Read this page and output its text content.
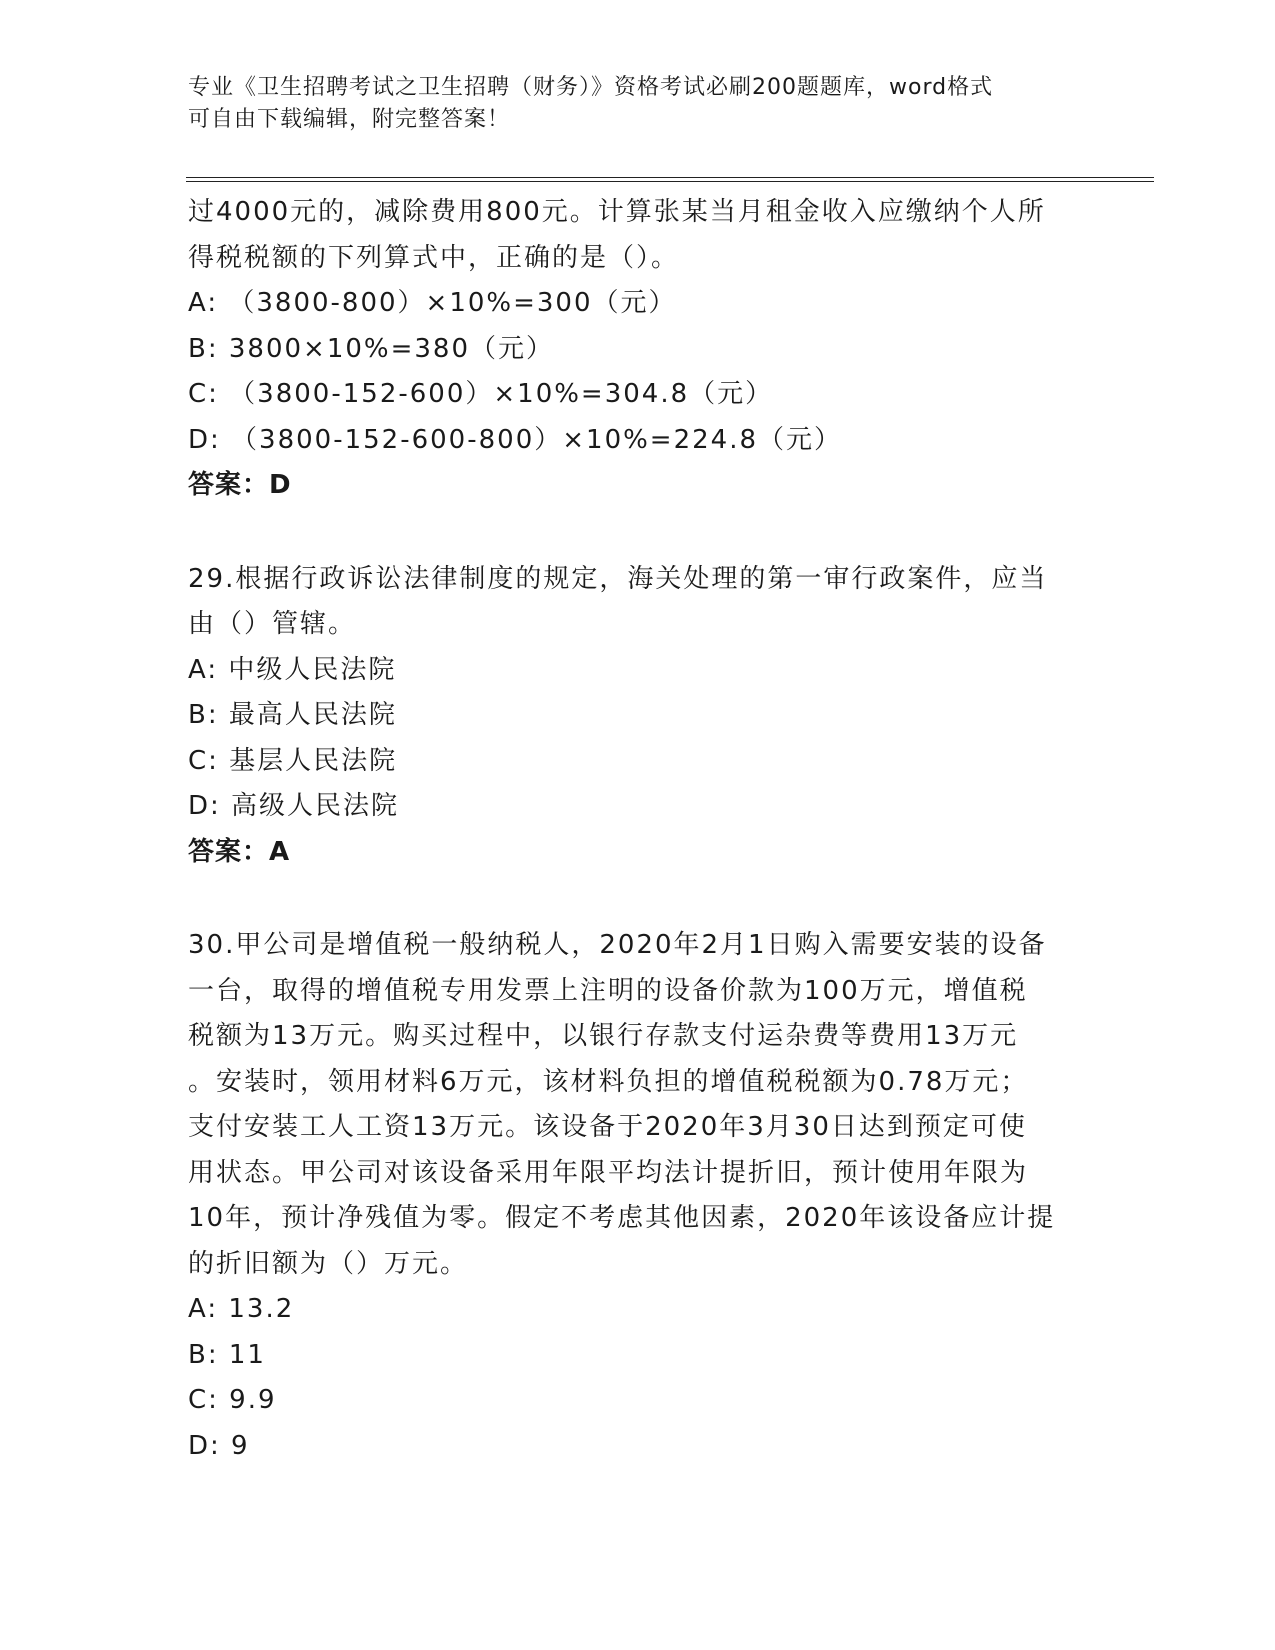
专业《卫生招聘考试之卫生招聘（财务）》资格考试必刷200题题库，word格式
可自由下载编辑，附完整答案！
过4000元的，减除费用800元。计算张某当月租金收入应缴纳个人所
得税税额的下列算式中，正确的是（）。
A: （3800-800）×10%=300（元）
B: 3800×10%=380（元）
C: （3800-152-600）×10%=304.8（元）
D: （3800-152-600-800）×10%=224.8（元）
答案：D
29.根据行政诉讼法律制度的规定，海关处理的第一审行政案件，应当
由（）管辖。
A: 中级人民法院
B: 最高人民法院
C: 基层人民法院
D: 高级人民法院
答案：A
30.甲公司是增值税一般纳税人，2020年2月1日购入需要安装的设备
一台，取得的增值税专用发票上注明的设备价款为100万元，增值税
税额为13万元。购买过程中，以银行存款支付运杂费等费用13万元
。安装时，领用材料6万元，该材料负担的增值税税额为0.78万元；
支付安装工人工资13万元。该设备于2020年3月30日达到预定可使
用状态。甲公司对该设备采用年限平均法计提折旧，预计使用年限为
10年，预计净残值为零。假定不考虑其他因素，2020年该设备应计提
的折旧额为（）万元。
A: 13.2
B: 11
C: 9.9
D: 9
